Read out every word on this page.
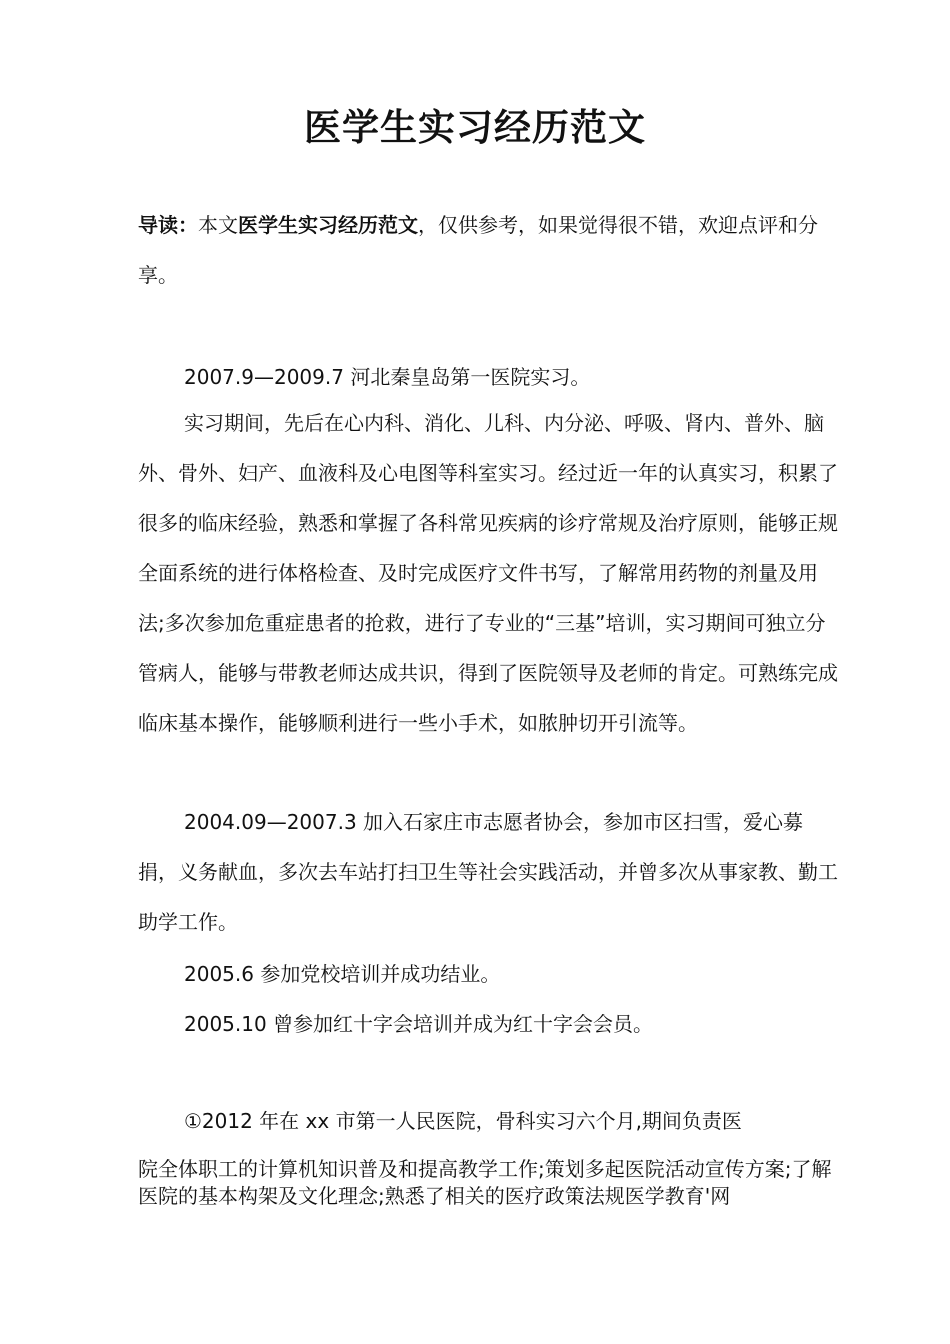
医学生实习经历范文
导读：本文医学生实习经历范文，仅供参考，如果觉得很不错，欢迎点评和分享。

2007.9—2009.7 河北秦皇岛第一医院实习。

实习期间，先后在心内科、消化、儿科、内分泌、呼吸、肾内、普外、脑外、骨外、妇产、血液科及心电图等科室实习。经过近一年的认真实习，积累了很多的临床经验，熟悉和掌握了各科常见疾病的诊疗常规及治疗原则，能够正规全面系统的进行体格检查、及时完成医疗文件书写，了解常用药物的剂量及用法;多次参加危重症患者的抢救，进行了专业的“三基”培训，实习期间可独立分管病人，能够与带教老师达成共识，得到了医院领导及老师的肯定。可熟练完成临床基本操作，能够顺利进行一些小手术，如脓肿切开引流等。

2004.09—2007.3 加入石家庄市志愿者协会，参加市区扫雪，爱心募捐，义务献血，多次去车站打扫卫生等社会实践活动，并曾多次从事家教、勤工助学工作。

2005.6 参加党校培训并成功结业。

2005.10 曾参加红十字会培训并成为红十字会会员。

①2012 年在 xx 市第一人民医院，骨科实习六个月,期间负责医

院全体职工的计算机知识普及和提高教学工作;策划多起医院活动宣传方案;了解医院的基本构架及文化理念;熟悉了相关的医疗政策法规医学教育'网
